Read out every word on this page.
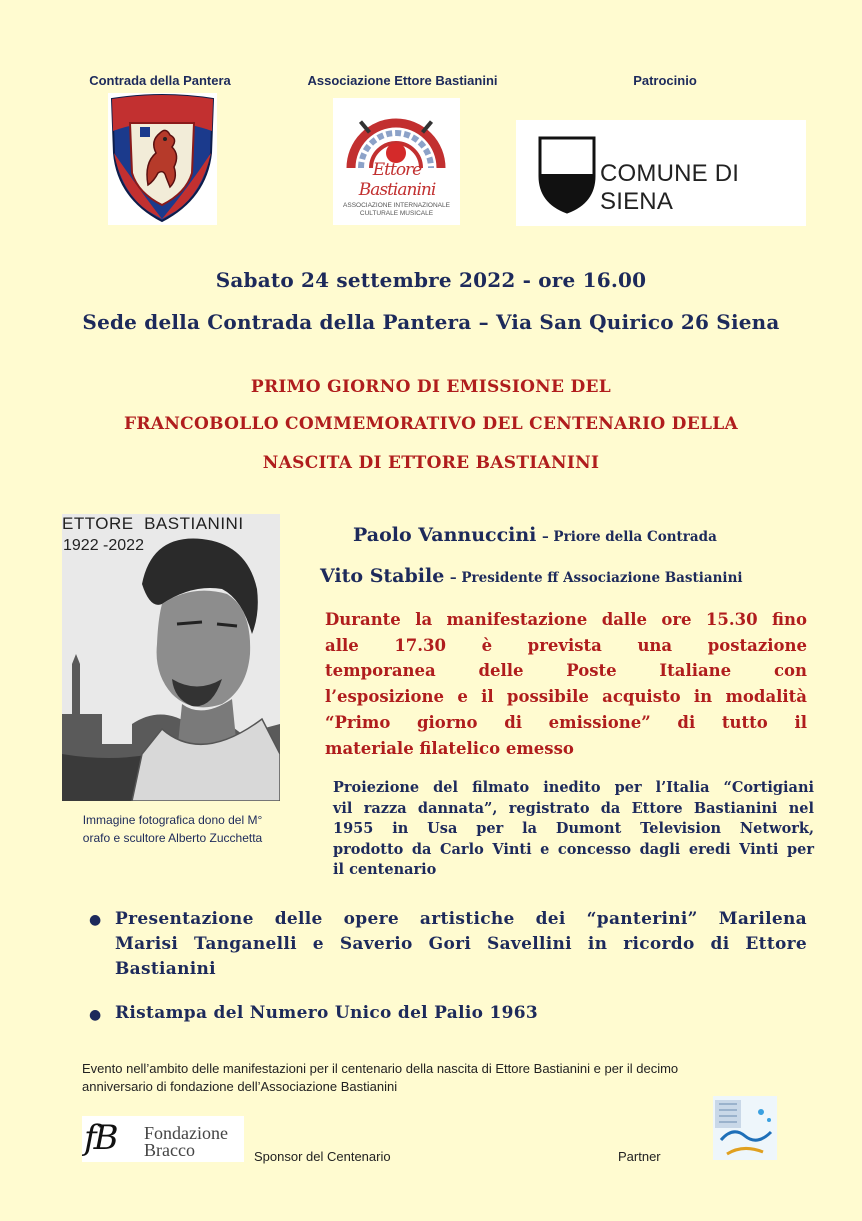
Contrada della Pantera	Associazione Ettore Bastianini	Patrocinio
Ettore Bastianini
ASSOCIAZIONE INTERNAZIONALE
CULTURALE MUSICALE
COMUNE DI SIENA
Sabato 24 settembre 2022 - ore 16.00
Sede della Contrada della Pantera – Via San Quirico 26 Siena
PRIMO GIORNO DI EMISSIONE DEL
FRANCOBOLLO COMMEMORATIVO DEL CENTENARIO DELLA
NASCITA DI ETTORE BASTIANINI
ETTORE  BASTIANINI
1922 -2022
Immagine fotografica dono del M°
orafo e scultore Alberto Zucchetta
Paolo Vannuccini – Priore della Contrada
Vito Stabile – Presidente ff Associazione Bastianini
Durante la manifestazione dalle ore 15.30 fino
alle 17.30 è prevista una postazione
temporanea delle Poste Italiane con
l’esposizione e il possibile acquisto in modalità
“Primo giorno di emissione” di tutto il
materiale filatelico emesso
Proiezione del filmato inedito per l’Italia “Cortigiani
vil razza dannata”, registrato da Ettore Bastianini nel
1955 in Usa per la Dumont Television Network,
prodotto da Carlo Vinti e concesso dagli eredi Vinti per
il centenario
● Presentazione delle opere artistiche dei “panterini” Marilena
Marisi Tanganelli e Saverio Gori Savellini in ricordo di Ettore
Bastianini
● Ristampa del Numero Unico del Palio 1963
Evento nell’ambito delle manifestazioni per il centenario della nascita di Ettore Bastianini e per il decimo
anniversario di fondazione dell’Associazione Bastianini
fB Fondazione
Bracco	Sponsor del Centenario	Partner
